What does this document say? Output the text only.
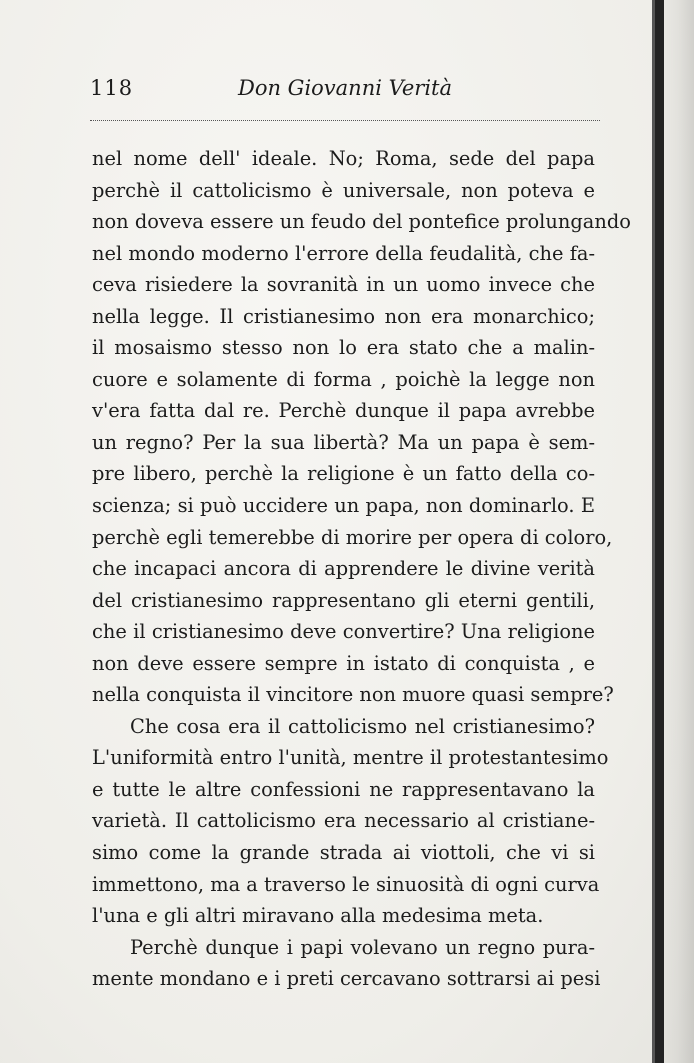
118	Don Giovanni Verità
nel nome dell' ideale. No; Roma, sede del papa
perchè il cattolicismo è universale, non poteva e
non doveva essere un feudo del pontefice prolungando
nel mondo moderno l'errore della feudalità, che fa-
ceva risiedere la sovranità in un uomo invece che
nella legge. Il cristianesimo non era monarchico;
il mosaismo stesso non lo era stato che a malin-
cuore e solamente di forma , poichè la legge non
v'era fatta dal re. Perchè dunque il papa avrebbe
un regno? Per la sua libertà? Ma un papa è sem-
pre libero, perchè la religione è un fatto della co-
scienza; si può uccidere un papa, non dominarlo. E
perchè egli temerebbe di morire per opera di coloro,
che incapaci ancora di apprendere le divine verità
del cristianesimo rappresentano gli eterni gentili,
che il cristianesimo deve convertire? Una religione
non deve essere sempre in istato di conquista , e
nella conquista il vincitore non muore quasi sempre?
Che cosa era il cattolicismo nel cristianesimo?
L'uniformità entro l'unità, mentre il protestantesimo
e tutte le altre confessioni ne rappresentavano la
varietà. Il cattolicismo era necessario al cristiane-
simo come la grande strada ai viottoli, che vi si
immettono, ma a traverso le sinuosità di ogni curva
l'una e gli altri miravano alla medesima meta.
Perchè dunque i papi volevano un regno pura-
mente mondano e i preti cercavano sottrarsi ai pesi
